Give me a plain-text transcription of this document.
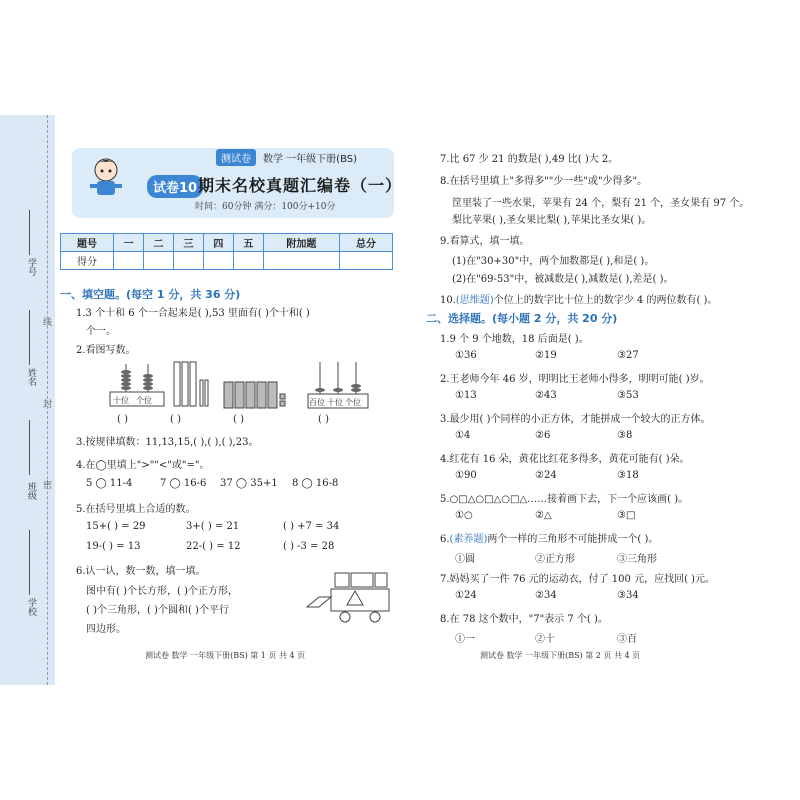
学号
姓名
班级
学校
线
封
密
测试卷	数学 一年级下册(BS)
试卷10 期末名校真题汇编卷（一）
时间：60分钟 满分：100分+10分
题号	一	二	三	四	五	附加题	总分
得分							
一、填空题。(每空 1 分，共 36 分)
1.3 个十和 6 个一合起来是( ),53 里面有( )个十和( )
个一。
2.看图写数。
十位 个位	百位 十位 个位
( )	( )	( )	( )
3.按规律填数：11,13,15,( ),( ),( ),23。
4.在◯里填上">""<"或"="。
5 ◯ 11-4	7 ◯ 16-6 37 ◯ 35+1 8 ◯ 16-8
5.在括号里填上合适的数。
15+( ) = 29	3+( ) = 21	( ) +7 = 34
19-( ) = 13	22-( ) = 12	( ) -3 = 28
6.认一认，数一数，填一填。
图中有( )个长方形，( )个正方形，
( )个三角形，( )个圆和( )个平行
四边形。
测试卷 数学 一年级下册(BS) 第 1 页 共 4 页
7.比 67 少 21 的数是( ),49 比( )大 2。
8.在括号里填上"多得多""少一些"或"少得多"。
筐里装了一些水果，苹果有 24 个，梨有 21 个，圣女果有 97 个。
梨比苹果( ),圣女果比梨( ),苹果比圣女果( )。
9.看算式，填一填。
(1)在"30+30"中，两个加数都是( ),和是( )。
(2)在"69-53"中，被减数是( ),减数是( ),差是( )。
10.(思维题)个位上的数字比十位上的数字少 4 的两位数有( )。
二、选择题。(每小题 2 分，共 20 分)
1.9 个 9 个地数，18 后面是( )。
①36	②19	③27
2.王老师今年 46 岁，明明比王老师小得多，明明可能( )岁。
①13	②43	③53
3.最少用( )个同样的小正方体，才能拼成一个较大的正方体。
①4	②6	③8
4.红花有 16 朵，黄花比红花多得多，黄花可能有( )朵。
①90	②24	③18
5.○□△○□△○□△……接着画下去，下一个应该画( )。
①○	②△	③□
6.(素养题)两个一样的三角形不可能拼成一个( )。
①圆	②正方形	③三角形
7.妈妈买了一件 76 元的运动衣，付了 100 元，应找回( )元。
①24	②34	③34
8.在 78 这个数中，"7"表示 7 个( )。
①一	②十	③百
测试卷 数学 一年级下册(BS) 第 2 页 共 4 页
